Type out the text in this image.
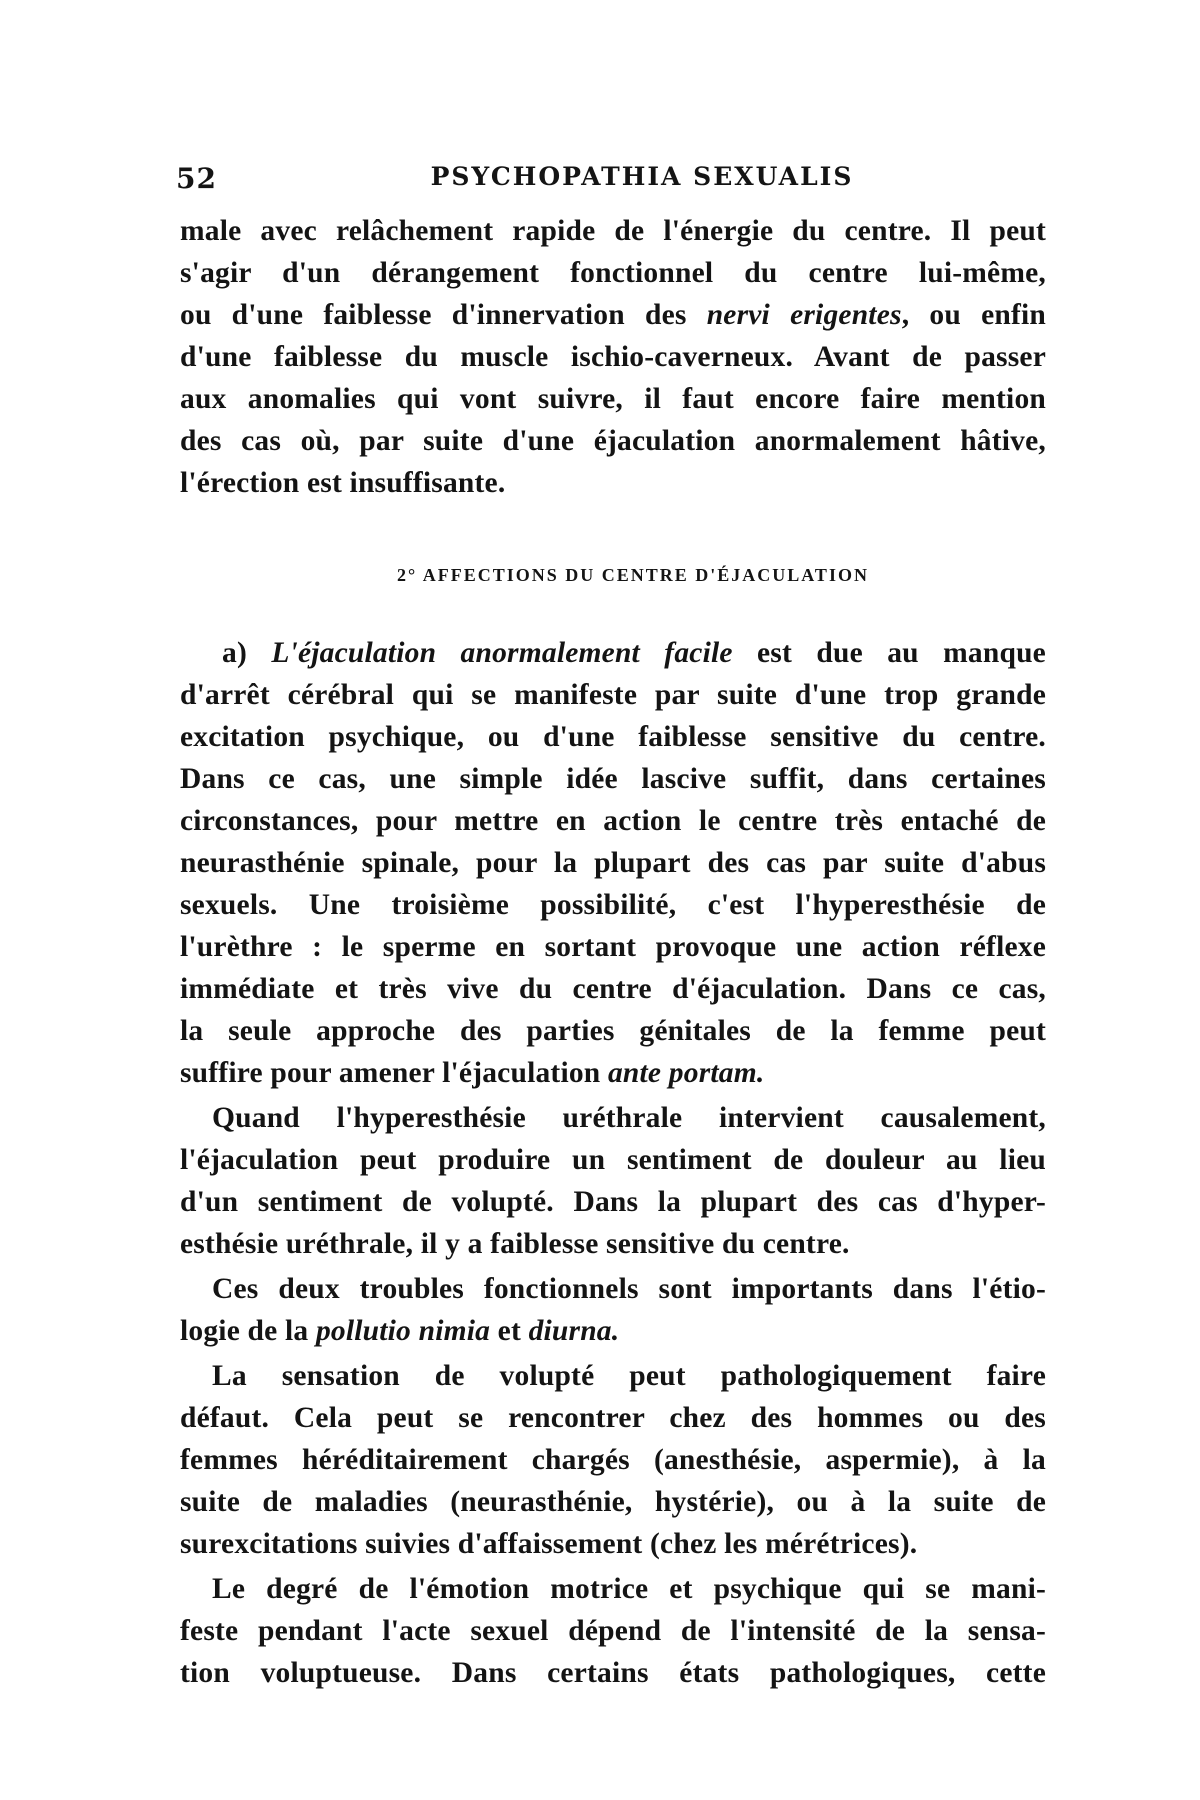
52	PSYCHOPATHIA SEXUALIS
male avec relâchement rapide de l'énergie du centre. Il peut
s'agir d'un dérangement fonctionnel du centre lui-même,
ou d'une faiblesse d'innervation des nervi erigentes, ou enfin
d'une faiblesse du muscle ischio-caverneux. Avant de passer
aux anomalies qui vont suivre, il faut encore faire mention
des cas où, par suite d'une éjaculation anormalement hâtive,
l'érection est insuffisante.
2° AFFECTIONS DU CENTRE D'ÉJACULATION
a) L'éjaculation anormalement facile est due au manque
d'arrêt cérébral qui se manifeste par suite d'une trop grande
excitation psychique, ou d'une faiblesse sensitive du centre.
Dans ce cas, une simple idée lascive suffit, dans certaines
circonstances, pour mettre en action le centre très entaché de
neurasthénie spinale, pour la plupart des cas par suite d'abus
sexuels. Une troisième possibilité, c'est l'hyperesthésie de
l'urèthre : le sperme en sortant provoque une action réflexe
immédiate et très vive du centre d'éjaculation. Dans ce cas,
la seule approche des parties génitales de la femme peut
suffire pour amener l'éjaculation ante portam.
Quand l'hyperesthésie uréthrale intervient causalement,
l'éjaculation peut produire un sentiment de douleur au lieu
d'un sentiment de volupté. Dans la plupart des cas d'hyper-
esthésie uréthrale, il y a faiblesse sensitive du centre.
Ces deux troubles fonctionnels sont importants dans l'étio-
logie de la pollutio nimia et diurna.
La sensation de volupté peut pathologiquement faire
défaut. Cela peut se rencontrer chez des hommes ou des
femmes héréditairement chargés (anesthésie, aspermie), à la
suite de maladies (neurasthénie, hystérie), ou à la suite de
surexcitations suivies d'affaissement (chez les mérétrices).
Le degré de l'émotion motrice et psychique qui se mani-
feste pendant l'acte sexuel dépend de l'intensité de la sensa-
tion voluptueuse. Dans certains états pathologiques, cette
